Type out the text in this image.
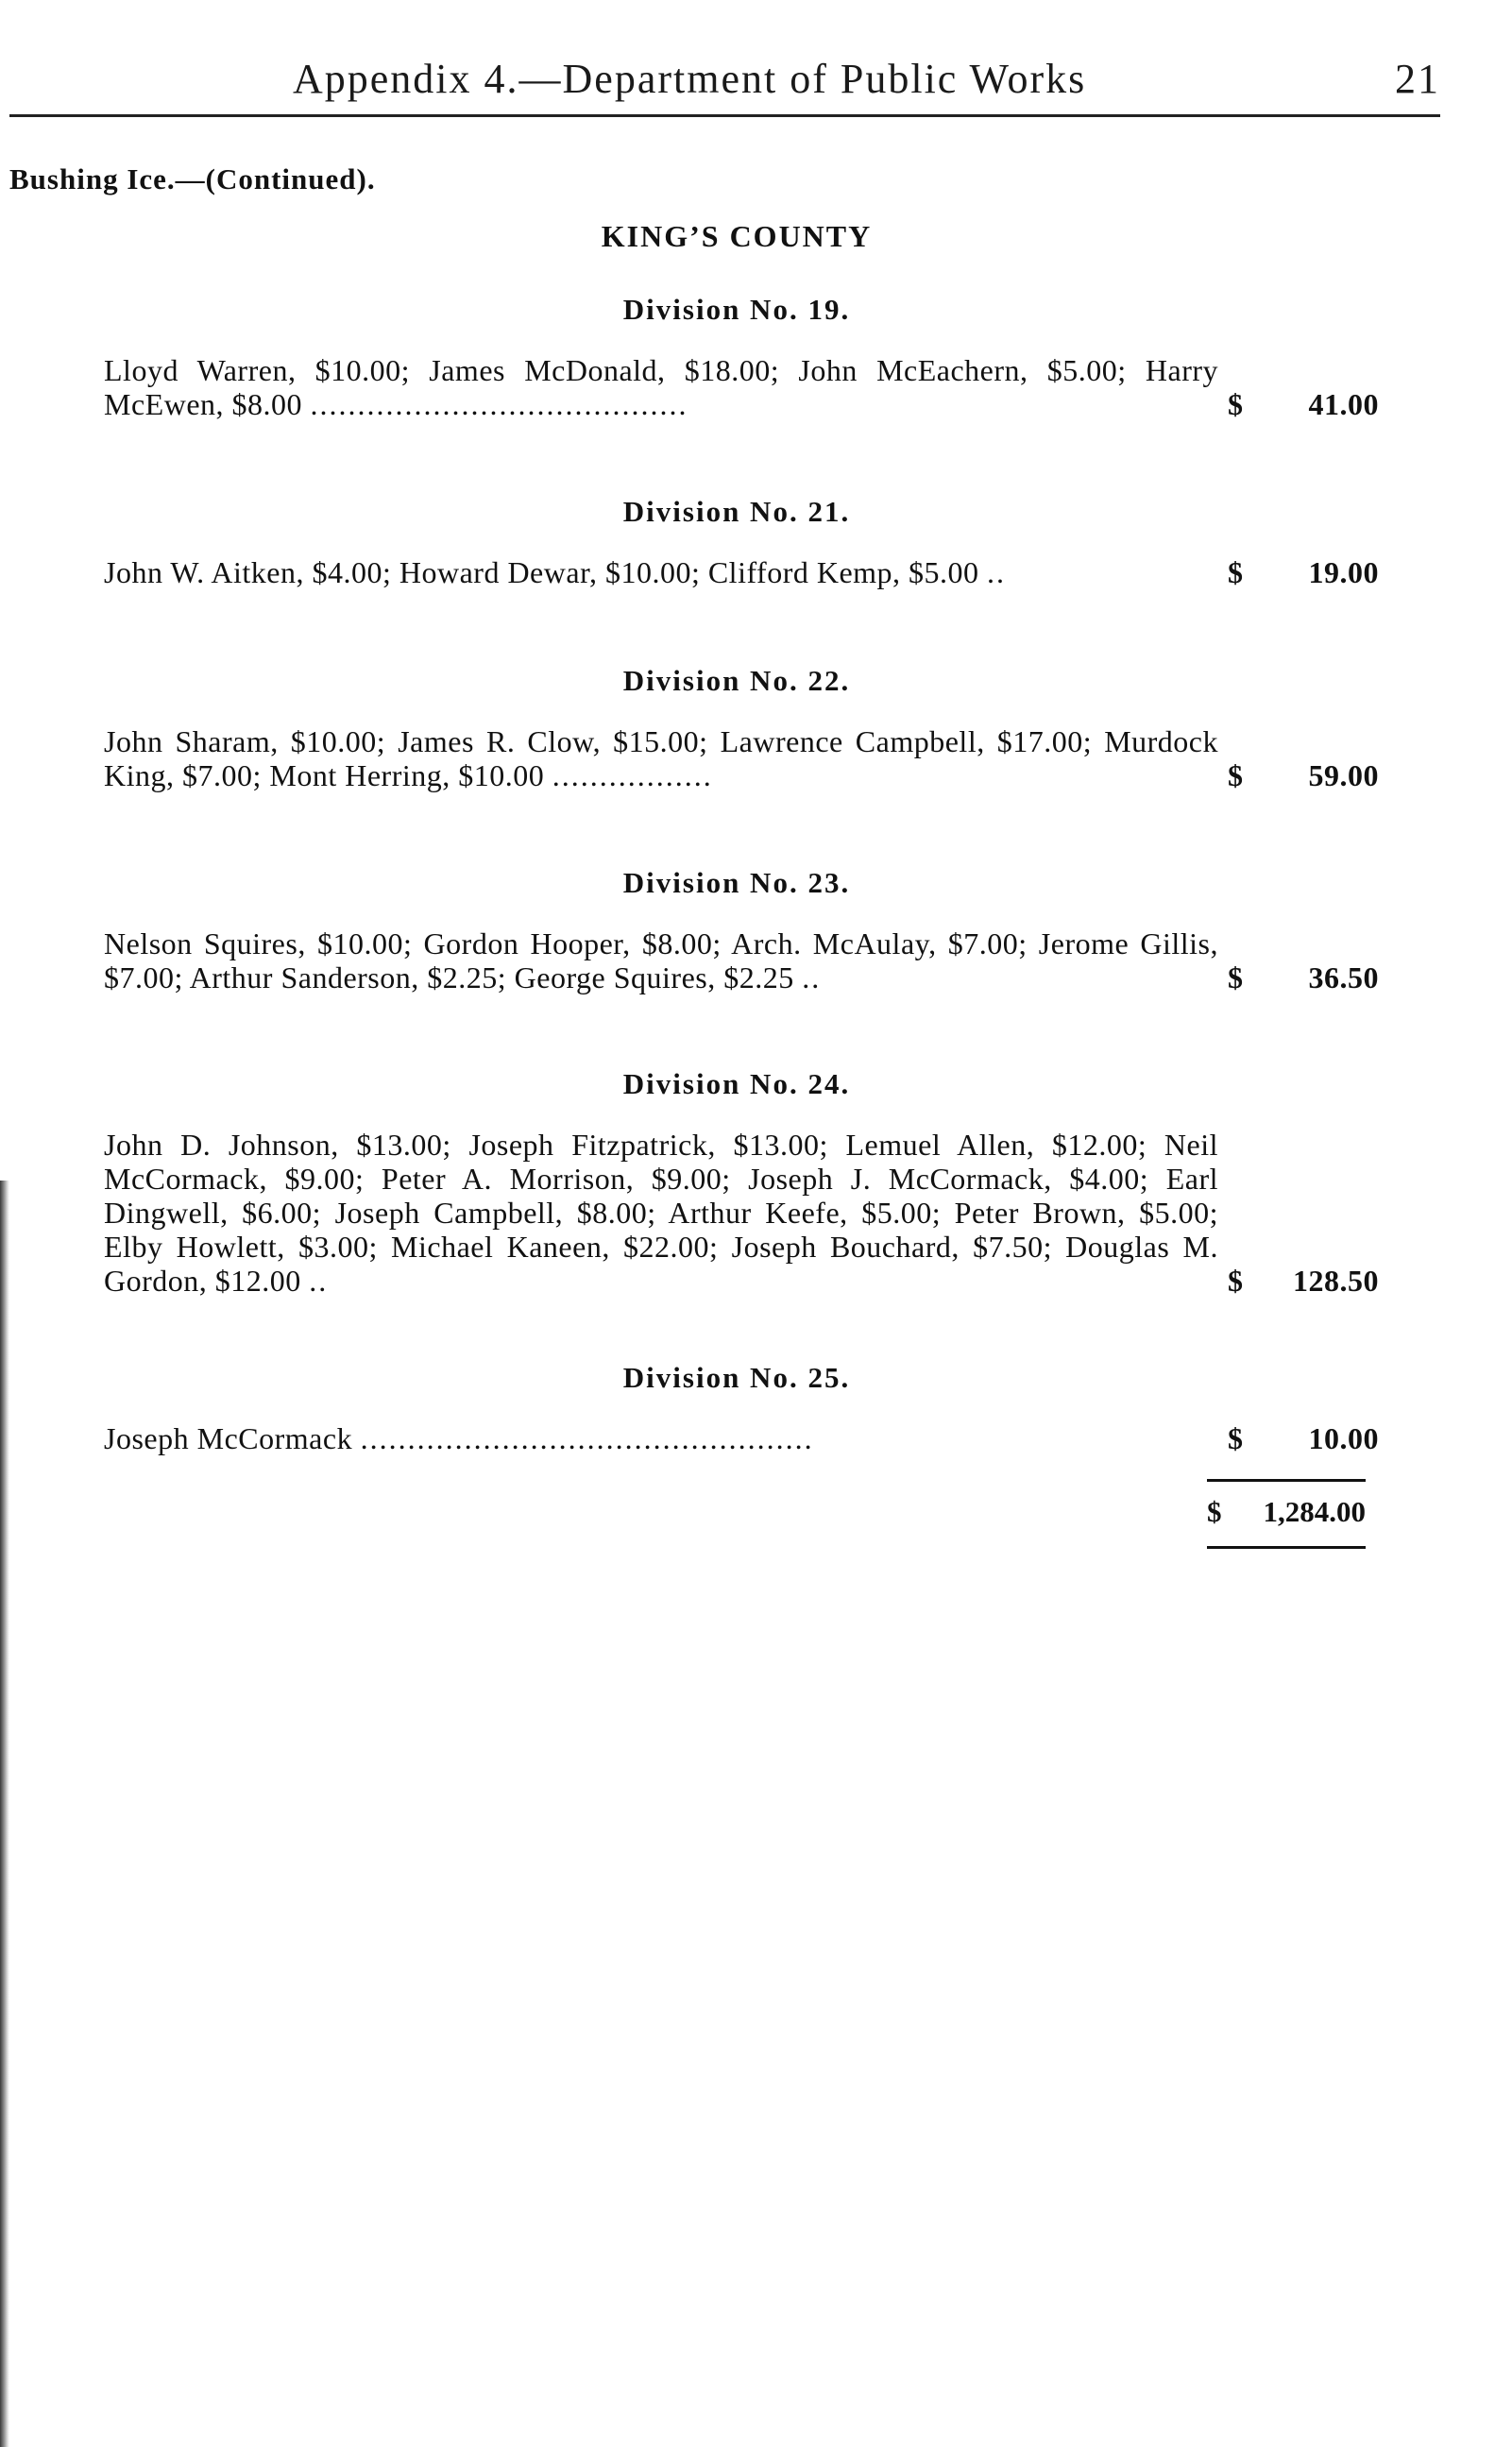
Appendix 4.—Department of Public Works	21
Bushing Ice.—(Continued).
KING’S COUNTY
Division No. 19.
Lloyd Warren, $10.00; James McDonald, $18.00; John McEachern, $5.00; Harry McEwen, $8.00 ........................................	$ 41.00
Division No. 21.
John W. Aitken, $4.00; Howard Dewar, $10.00; Clifford Kemp, $5.00 ..	$ 19.00
Division No. 22.
John Sharam, $10.00; James R. Clow, $15.00; Lawrence Campbell, $17.00; Murdock King, $7.00; Mont Herring, $10.00 .................	$ 59.00
Division No. 23.
Nelson Squires, $10.00; Gordon Hooper, $8.00; Arch. McAulay, $7.00; Jerome Gillis, $7.00; Arthur Sanderson, $2.25; George Squires, $2.25 ..	$ 36.50
Division No. 24.
John D. Johnson, $13.00; Joseph Fitzpatrick, $13.00; Lemuel Allen, $12.00; Neil McCormack, $9.00; Peter A. Morrison, $9.00; Joseph J. McCormack, $4.00; Earl Dingwell, $6.00; Joseph Campbell, $8.00; Arthur Keefe, $5.00; Peter Brown, $5.00; Elby Howlett, $3.00; Michael Kaneen, $22.00; Joseph Bouchard, $7.50; Douglas M. Gordon, $12.00 ..	$ 128.50
Division No. 25.
Joseph McCormack ................................................	$ 10.00
$ 1,284.00
